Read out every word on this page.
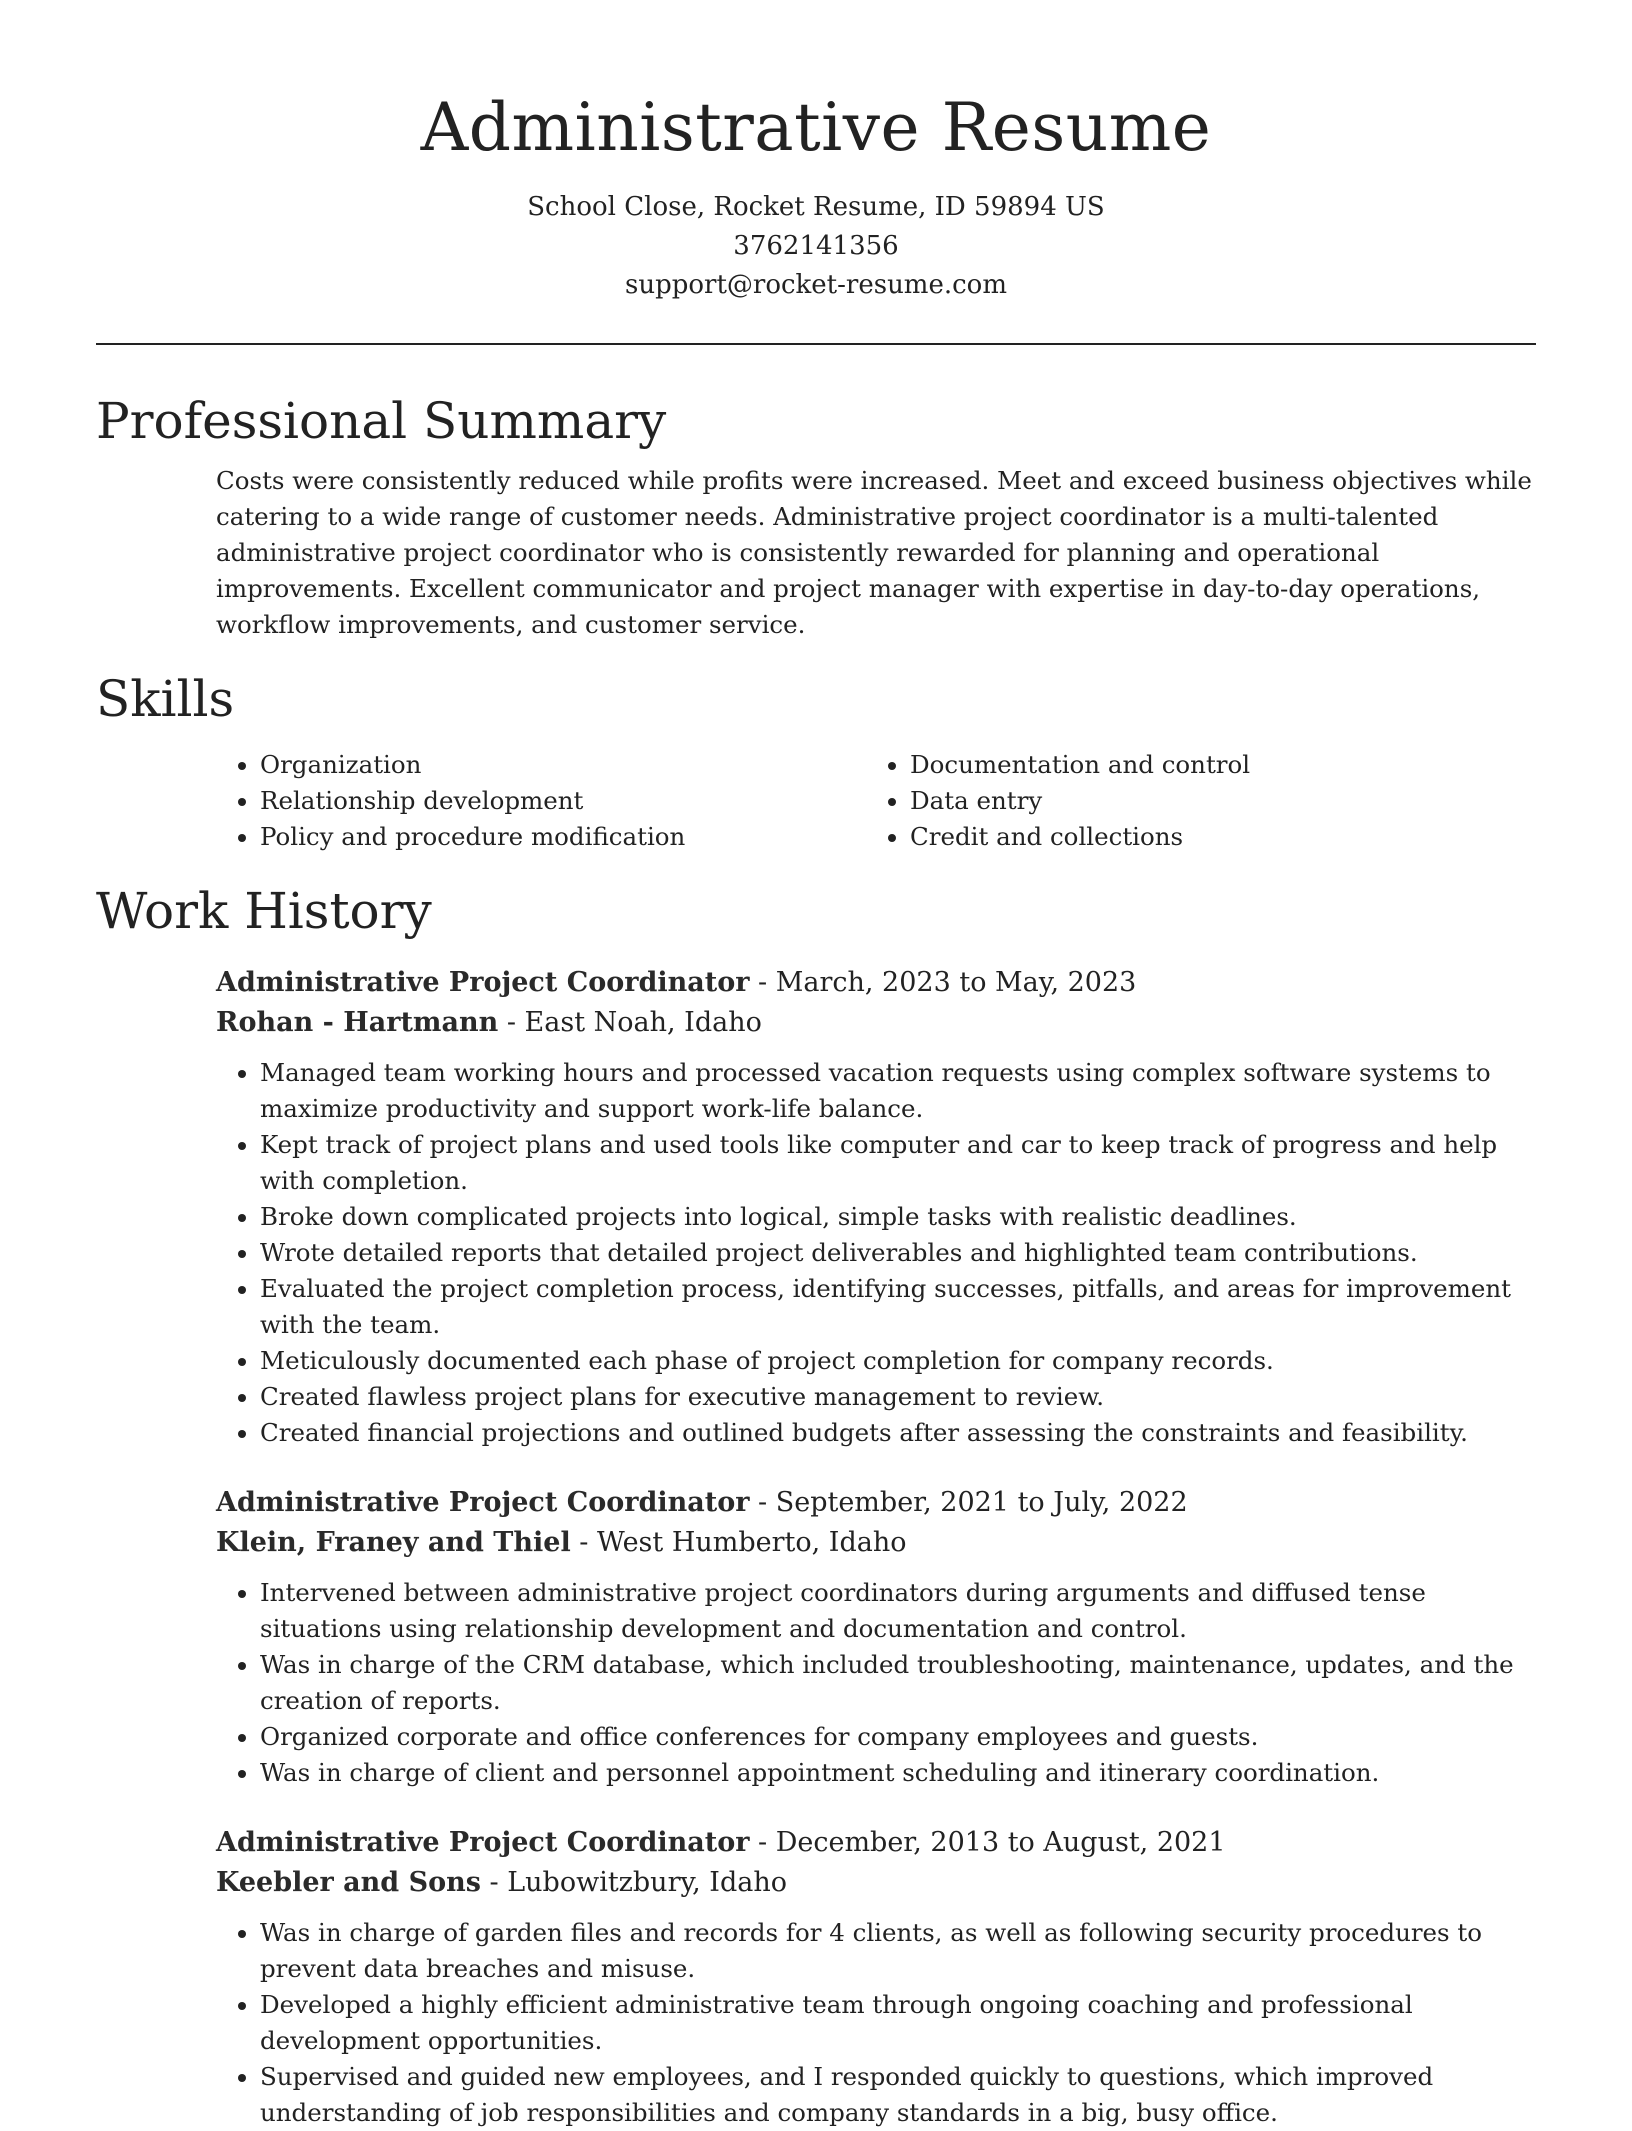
Administrative Resume
School Close, Rocket Resume, ID 59894 US
3762141356
support@rocket-resume.com
Professional Summary

Costs were consistently reduced while profits were increased. Meet and exceed business objectives while catering to a wide range of customer needs. Administrative project coordinator is a multi-talented administrative project coordinator who is consistently rewarded for planning and operational improvements. Excellent communicator and project manager with expertise in day-to-day operations, workflow improvements, and customer service.

Skills
• Organization
• Relationship development
• Policy and procedure modification
• Documentation and control
• Data entry
• Credit and collections
Work History
Administrative Project Coordinator - March, 2023 to May, 2023
Rohan - Hartmann - East Noah, Idaho
• Managed team working hours and processed vacation requests using complex software systems to maximize productivity and support work-life balance.
• Kept track of project plans and used tools like computer and car to keep track of progress and help with completion.
• Broke down complicated projects into logical, simple tasks with realistic deadlines.
• Wrote detailed reports that detailed project deliverables and highlighted team contributions.
• Evaluated the project completion process, identifying successes, pitfalls, and areas for improvement with the team.
• Meticulously documented each phase of project completion for company records.
• Created flawless project plans for executive management to review.
• Created financial projections and outlined budgets after assessing the constraints and feasibility.
Administrative Project Coordinator - September, 2021 to July, 2022
Klein, Franey and Thiel - West Humberto, Idaho
• Intervened between administrative project coordinators during arguments and diffused tense situations using relationship development and documentation and control.
• Was in charge of the CRM database, which included troubleshooting, maintenance, updates, and the creation of reports.
• Organized corporate and office conferences for company employees and guests.
• Was in charge of client and personnel appointment scheduling and itinerary coordination.
Administrative Project Coordinator - December, 2013 to August, 2021
Keebler and Sons - Lubowitzbury, Idaho
• Was in charge of garden files and records for 4 clients, as well as following security procedures to prevent data breaches and misuse.
• Developed a highly efficient administrative team through ongoing coaching and professional development opportunities.
• Supervised and guided new employees, and I responded quickly to questions, which improved understanding of job responsibilities and company standards in a big, busy office.
